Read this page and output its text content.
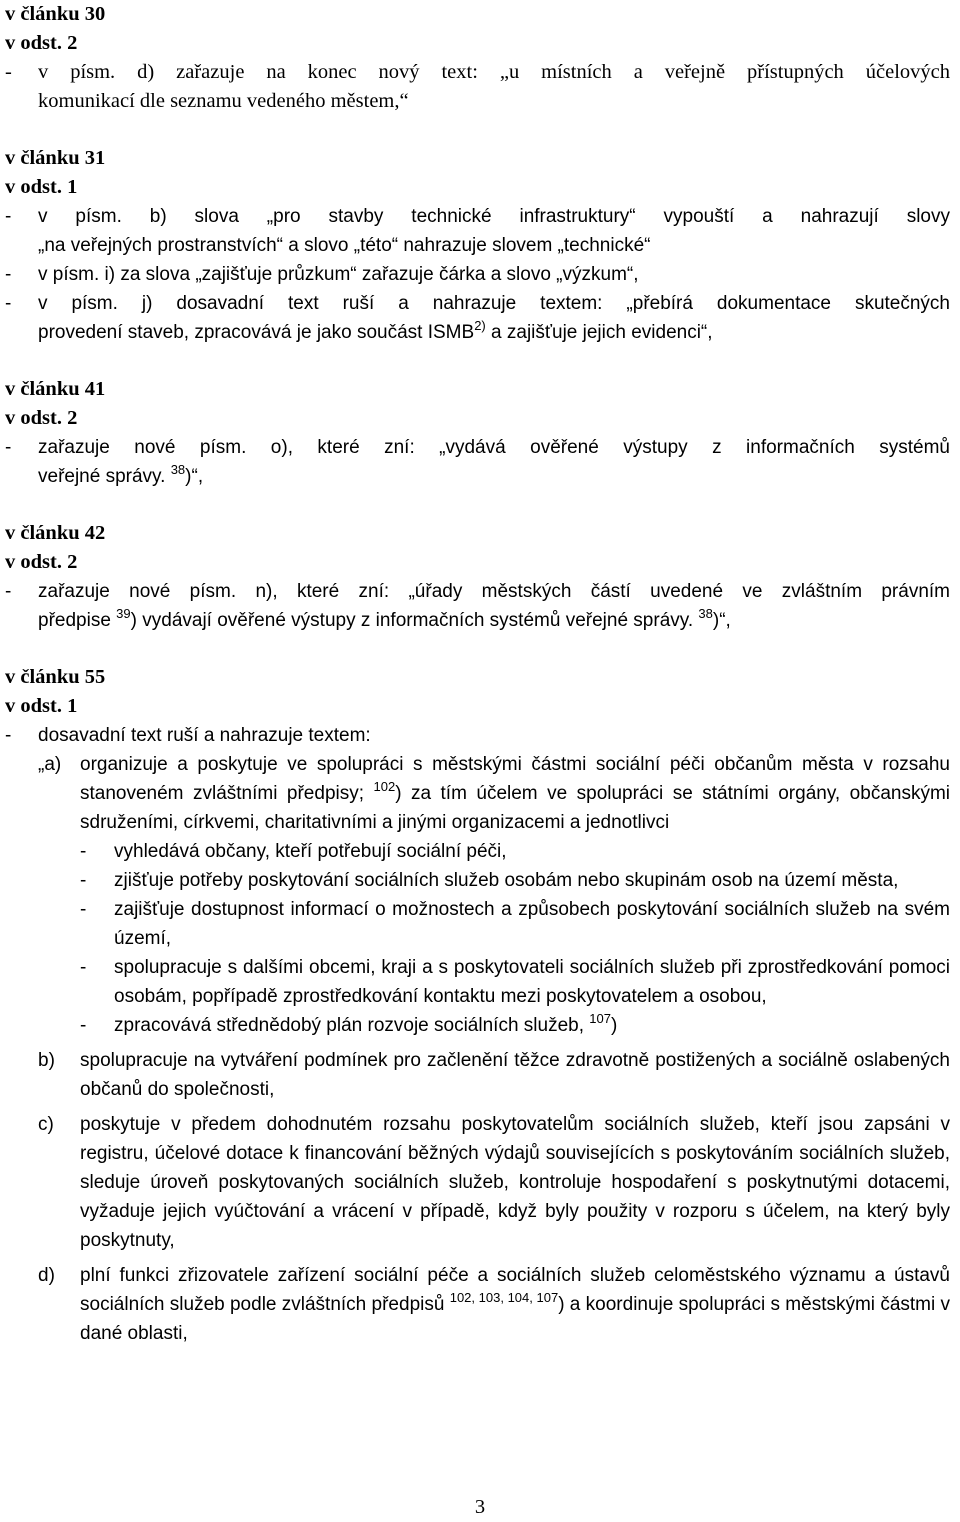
v článku 30

v odst. 2

- v písm. d) zařazuje na konec nový text: „u místních a veřejně přístupných účelových
komunikací dle seznamu vedeného městem,“

v článku 31

v odst. 1

- v písm. b) slova „pro stavby technické infrastruktury“ vypouští a nahrazují slovy
„na veřejných prostranstvích“ a slovo „této“ nahrazuje slovem „technické“
- v písm. i) za slova „zajišťuje průzkum“ zařazuje čárka a slovo „výzkum“,
- v písm. j) dosavadní text ruší a nahrazuje textem: „přebírá dokumentace skutečných
provedení staveb, zpracovává je jako součást ISMB$^{2)}$ a zajišťuje jejich evidenci“,

v článku 41

v odst. 2

- zařazuje nové písm. o), které zní: „vydává ověřené výstupy z informačních systémů
veřejné správy. $^{38}$)“,

v článku 42

v odst. 2

- zařazuje nové písm. n), které zní: „úřady městských částí uvedené ve zvláštním právním
předpise $^{39}$) vydávají ověřené výstupy z informačních systémů veřejné správy. $^{38}$)“,

v článku 55

v odst. 1

- dosavadní text ruší a nahrazuje textem:
„a) organizuje a poskytuje ve spolupráci s městskými částmi sociální péči občanům města v rozsahu stanoveném zvláštními předpisy; $^{102}$) za tím účelem ve spolupráci se státními orgány, občanskými sdruženími, církvemi, charitativními a jinými organizacemi a jednotlivci
- vyhledává občany, kteří potřebují sociální péči,
- zjišťuje potřeby poskytování sociálních služeb osobám nebo skupinám osob na území města,
- zajišťuje dostupnost informací o možnostech a způsobech poskytování sociálních služeb na svém území,
- spolupracuje s dalšími obcemi, kraji a s poskytovateli sociálních služeb při zprostředkování pomoci osobám, popřípadě zprostředkování kontaktu mezi poskytovatelem a osobou,
- zpracovává střednědobý plán rozvoje sociálních služeb, $^{107}$)
b) spolupracuje na vytváření podmínek pro začlenění těžce zdravotně postižených a sociálně oslabených občanů do společnosti,
c) poskytuje v předem dohodnutém rozsahu poskytovatelům sociálních služeb, kteří jsou zapsáni v registru, účelové dotace k financování běžných výdajů souvisejících s poskytováním sociálních služeb, sleduje úroveň poskytovaných sociálních služeb, kontroluje hospodaření s poskytnutými dotacemi, vyžaduje jejich vyúčtování a vrácení v případě, když byly použity v rozporu s účelem, na který byly poskytnuty,
d) plní funkci zřizovatele zařízení sociální péče a sociálních služeb celoměstského významu a ústavů sociálních služeb podle zvláštních předpisů $^{102, 103, 104, 107}$) a koordinuje spolupráci s městskými částmi v dané oblasti,
3
